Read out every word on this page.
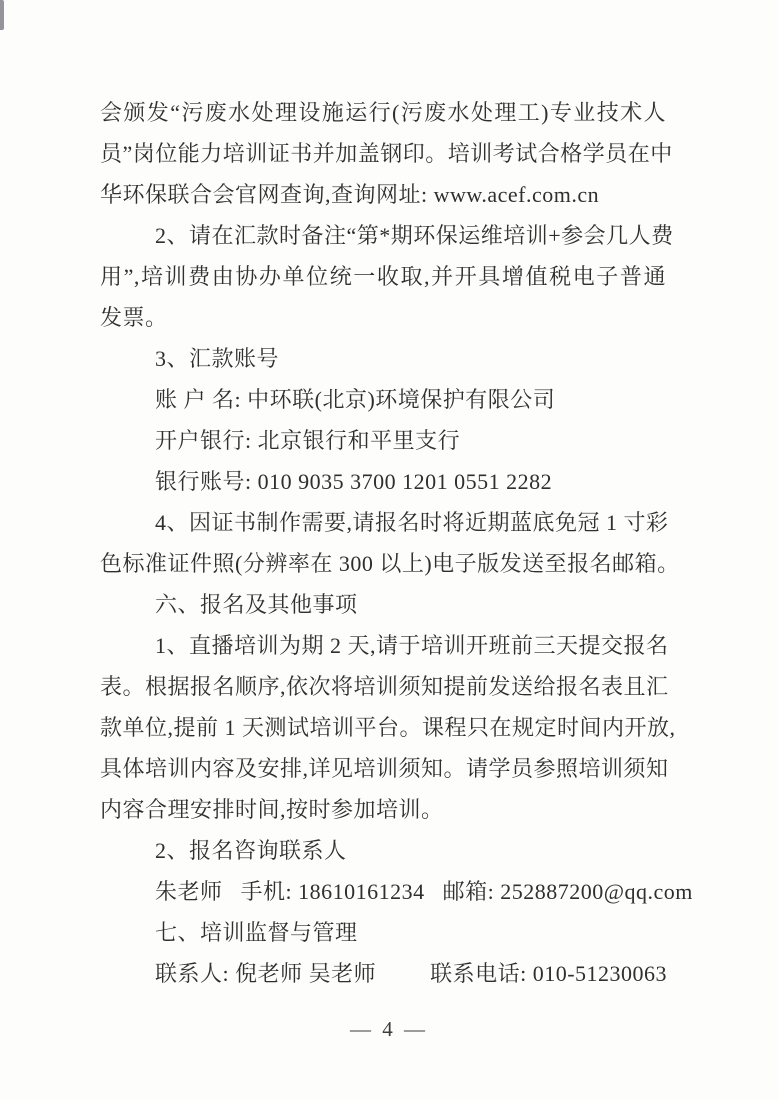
会颁发“污废水处理设施运行(污废水处理工)专业技术人
员”岗位能力培训证书并加盖钢印。培训考试合格学员在中
华环保联合会官网查询,查询网址: www.acef.com.cn
2、请在汇款时备注“第*期环保运维培训+参会几人费
用”,培训费由协办单位统一收取,并开具增值税电子普通
发票。
3、汇款账号
账 户 名: 中环联(北京)环境保护有限公司
开户银行: 北京银行和平里支行
银行账号: 010 9035 3700 1201 0551 2282
4、因证书制作需要,请报名时将近期蓝底免冠 1 寸彩
色标准证件照(分辨率在 300 以上)电子版发送至报名邮箱。
六、报名及其他事项
1、直播培训为期 2 天,请于培训开班前三天提交报名
表。根据报名顺序,依次将培训须知提前发送给报名表且汇
款单位,提前 1 天测试培训平台。课程只在规定时间内开放,
具体培训内容及安排,详见培训须知。请学员参照培训须知
内容合理安排时间,按时参加培训。
2、报名咨询联系人
朱老师   手机: 18610161234   邮箱: 252887200@qq.com
七、培训监督与管理
联系人: 倪老师 吴老师         联系电话: 010-51230063
— 4 —
